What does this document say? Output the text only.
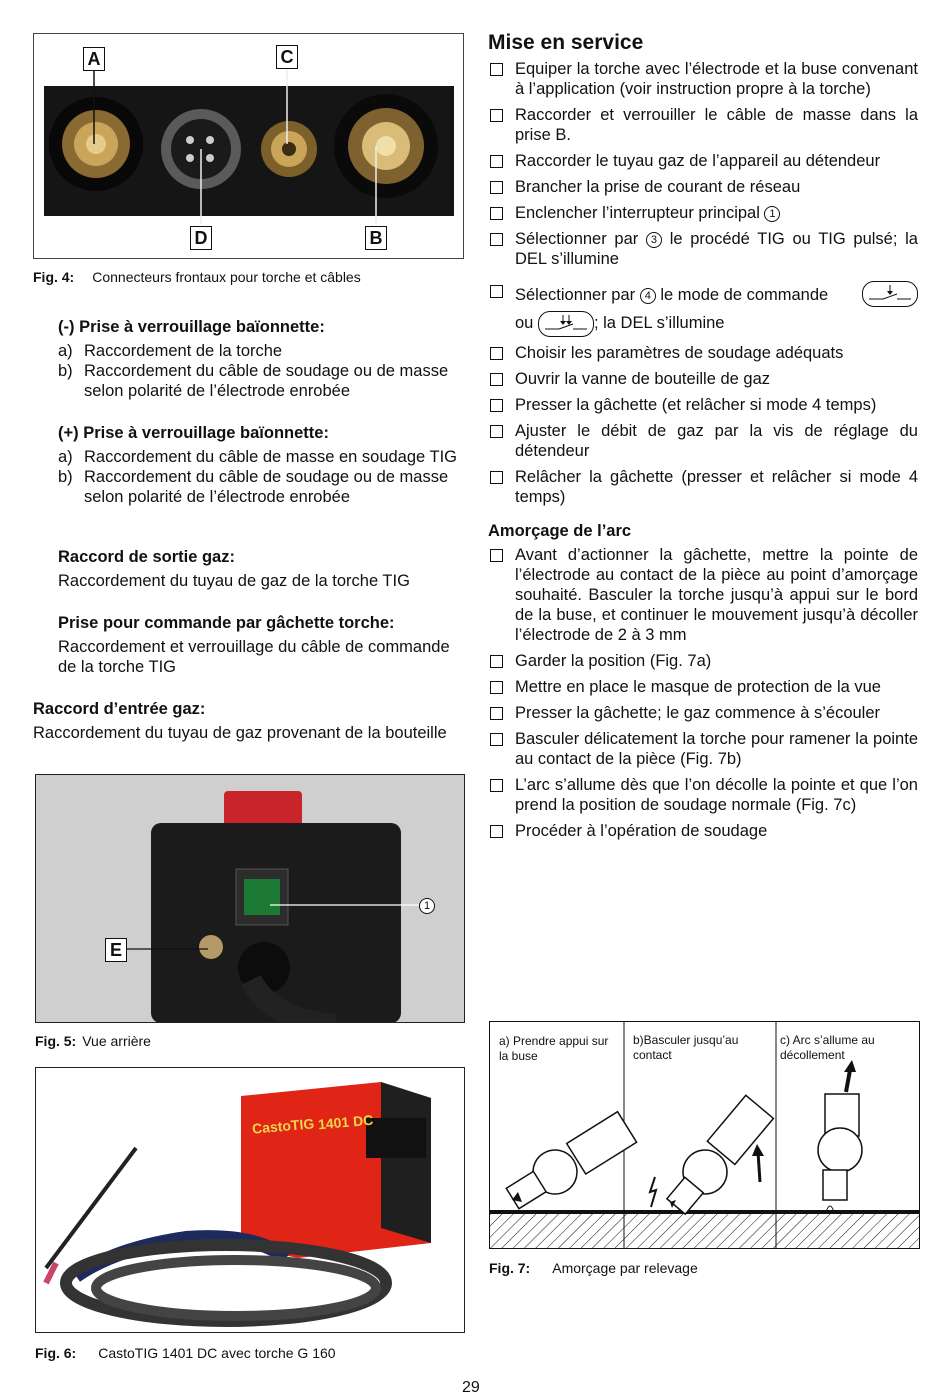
A	C
D	B
Fig. 4: Connecteurs frontaux pour torche et câbles
(-) Prise à verrouillage baïonnette:
a) Raccordement de la torche
b) Raccordement du câble de soudage ou de masse selon polarité de l’électrode enrobée
(+) Prise à verrouillage baïonnette:
a) Raccordement du câble de masse en soudage TIG
b) Raccordement du câble de soudage ou de masse selon polarité de l’électrode enrobée
Raccord de sortie gaz:

Raccordement du tuyau de gaz de la torche TIG

Prise pour commande par gâchette torche:

Raccordement et verrouillage du câble de commande de la torche TIG

Raccord d’entrée gaz:

Raccordement du tuyau de gaz provenant de la bouteille

E
1
Fig. 5: Vue arrière
CastoTIG 1401 DC
Fig. 6: CastoTIG 1401 DC avec torche G 160
Mise en service
Equiper la torche avec l’électrode et la buse convenant à l’application (voir instruction propre à la torche)
Raccorder et verrouiller le câble de masse dans la prise B.
Raccorder le tuyau gaz de l’appareil au détendeur
Brancher la prise de courant de réseau
Enclencher l’interrupteur principal 1
Sélectionner par 3 le procédé TIG ou TIG pulsé; la DEL s’illumine
Sélectionner par 4 le mode de commande

ou	; la DEL s’illumine
Choisir les paramètres de soudage adéquats
Ouvrir la vanne de bouteille de gaz
Presser la gâchette (et relâcher si mode 4 temps)
Ajuster le débit de gaz par la vis de réglage du détendeur
Relâcher la gâchette (presser et relâcher si mode 4 temps)
Amorçage de l’arc
Avant d’actionner la gâchette, mettre la pointe de l’électrode au contact de la pièce au point d’amorçage souhaité. Basculer la torche jusqu’à appui sur le bord de la buse, et continuer le mouvement jusqu’à décoller l’électrode de 2 à 3 mm
Garder la position (Fig. 7a)
Mettre en place le masque de protection de la vue
Presser la gâchette; le gaz commence à s’écouler
Basculer délicatement la torche pour ramener la pointe au contact de la pièce (Fig. 7b)
L’arc s’allume dès que l’on décolle la pointe et que l’on prend la position de soudage normale (Fig. 7c)
Procéder à l’opération de soudage
a) Prendre appui sur la buse
b)Basculer jusqu’au contact
c) Arc s’allume au décollement
Fig. 7: Amorçage par relevage
29
